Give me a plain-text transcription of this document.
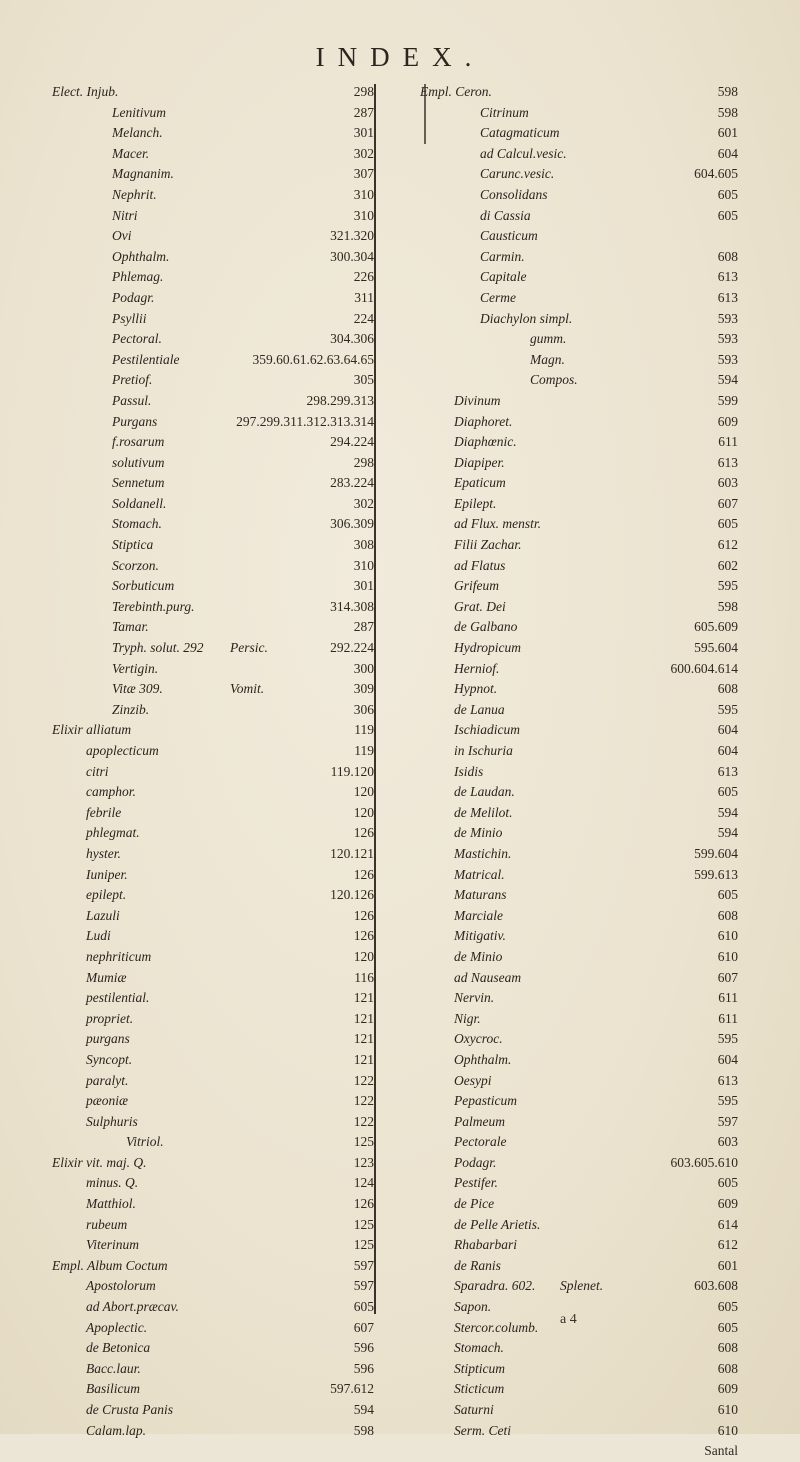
INDEX.
Elect. Injub.	298
Lenitivum	287
Melanch.	301
Macer.	302
Magnanim.	307
Nephrit.	310
Nitri	310
Ovi	321.320
Ophthalm.	300.304
Phlemag.	226
Podagr.	311
Psyllii	224
Pectoral.	304.306
Pestilentiale	359.60.61.62.63.64.65
Pretiof.	305
Passul.	298.299.313
Purgans	297.299.311.312.313.314
f.rosarum	294.224
solutivum	298
Sennetum	283.224
Soldanell.	302
Stomach.	306.309
Stiptica	308
Scorzon.	310
Sorbuticum	301
Terebinth.purg.	314.308
Tamar.	287
Tryph. solut. 292 Persic.	292.224
Vertigin.	300
Vitæ 309.	Vomit.	309
Zinzib.	306
Elixir alliatum	119
apoplecticum	119
citri	119.120
camphor.	120
febrile	120
phlegmat.	126
hyster.	120.121
Iuniper.	126
epilept.	120.126
Lazuli	126
Ludi	126
nephriticum	120
Mumiæ	116
pestilential.	121
propriet.	121
purgans	121
Syncopt.	121
paralyt.	122
pæoniæ	122
Sulphuris	122
Vitriol.	125
Elixir vit. maj. Q.	123
minus. Q.	124
Matthiol.	126
rubeum	125
Viterinum	125
Empl. Album Coctum	597
Apostolorum	597
ad Abort.præcav.	605
Apoplectic.	607
de Betonica	596
Bacc.laur.	596
Basilicum	597.612
de Crusta Panis	594
Calam.lap.	598
Empl. Ceron.	598
Citrinum	598
Catagmaticum	601
ad Calcul.vesic.	604
Carunc.vesic.	604.605
Consolidans	605
di Cassia	605
Causticum
Carmin.	608
Capitale	613
Cerme	613
Diachylon simpl.	593
gumm.	593
Magn.	593
Compos.	594
Divinum	599
Diaphoret.	609
Diaphœnic.	611
Diapiper.	613
Epaticum	603
Epilept.	607
ad Flux. menstr.	605
Filii Zachar.	612
ad Flatus	602
Grifeum	595
Grat. Dei	598
de Galbano	605.609
Hydropicum	595.604
Herniof.	600.604.614
Hypnot.	608
de Lanua	595
Ischiadicum	604
in Ischuria	604
Isidis	613
de Laudan.	605
de Melilot.	594
de Minio	594
Mastichin.	599.604
Matrical.	599.613
Maturans	605
Marciale	608
Mitigativ.	610
de Minio	610
ad Nauseam	607
Nervin.	611
Nigr.	611
Oxycroc.	595
Ophthalm.	604
Oesypi	613
Pepasticum	595
Palmeum	597
Pectorale	603
Podagr.	603.605.610
Pestifer.	605
de Pice	609
de Pelle Arietis.	614
Rhabarbari	612
de Ranis	601
Sparadra. 602. Splenet.	603.608
Sapon.	605
Stercor.columb.	605
Stomach.	608
Stipticum	608
Sticticum	609
Saturni	610
Serm. Ceti	610
Santal
a 4
